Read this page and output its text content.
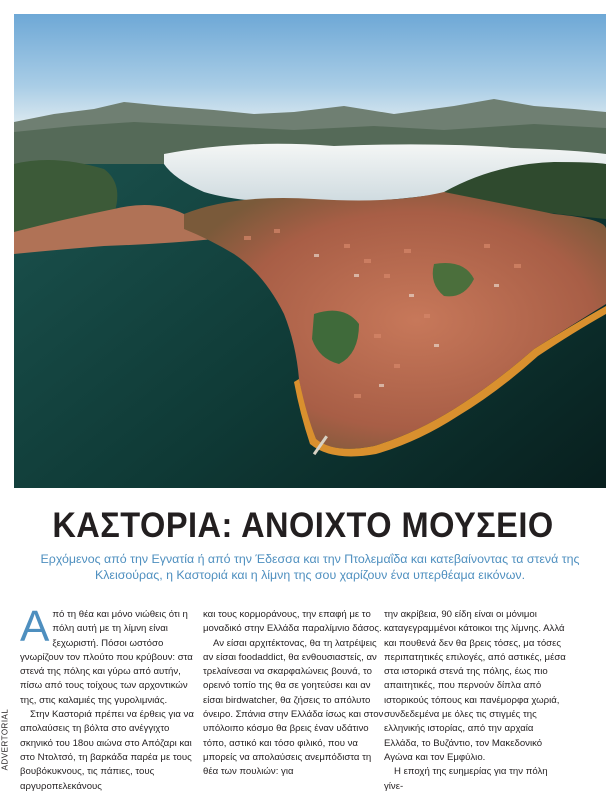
ΚΑΣΤΟΡΙΑ: ΑΝΟΙΧΤΟ ΜΟΥΣΕΙΟ
Ερχόμενος από την Εγνατία ή από την Έδεσσα και την Πτολεμαΐδα και κατεβαίνοντας τα στενά της Κλεισούρας, η Καστοριά και η λίμνη της σου χαρίζουν ένα υπερθέαμα εικόνων.
ADVERTORIAL

Από τη θέα και μόνο νιώθεις ότι η πόλη αυτή με τη λίμνη είναι ξεχωριστή. Πόσοι ωστόσο γνωρίζουν τον πλούτο που κρύβουν: στα στενά της πόλης και γύρω από αυτήν, πίσω από τους τοίχους των αρχοντικών της, στις καλαμιές της γυρολιμνιάς.

Στην Καστοριά πρέπει να έρθεις για να απολαύσεις τη βόλτα στο ανέγγιχτο σκηνικό του 18ου αιώνα στο Απόζαρι και στο Ντολτσό, τη βαρκάδα παρέα με τους βουβόκυκνους, τις πάπιες, τους αργυροπελεκάνους

και τους κορμοράνους, την επαφή με το μοναδικό στην Ελλάδα παραλίμνιο δάσος.

Αν είσαι αρχιτέκτονας, θα τη λατρέψεις αν είσαι foodaddict, θα ενθουσιαστείς, αν τρελαίνεσαι να σκαρφαλώνεις βουνά, το ορεινό τοπίο της θα σε γοητεύσει και αν είσαι birdwatcher, θα ζήσεις το απόλυτο όνειρο. Σπάνια στην Ελλάδα ίσως και στον υπόλοιπο κόσμο θα βρεις έναν υδάτινο τόπο, αστικό και τόσο φιλικό, που να μπορείς να απολαύσεις ανεμπόδιστα τη θέα των πουλιών: για

την ακρίβεια, 90 είδη είναι οι μόνιμοι καταγεγραμμένοι κάτοικοι της λίμνης. Αλλά και πουθενά δεν θα βρεις τόσες, μα τόσες περιπατητικές επιλογές, από αστικές, μέσα στα ιστορικά στενά της πόλης, έως πιο απαιτητικές, που περνούν δίπλα από ιστορικούς τόπους και πανέμορφα χωριά, συνδεδεμένα με όλες τις στιγμές της ελληνικής ιστορίας, από την αρχαία Ελλάδα, το Βυζάντιο, τον Μακεδονικό Αγώνα και τον Εμφύλιο.

Η εποχή της ευημερίας για την πόλη γίνε-
